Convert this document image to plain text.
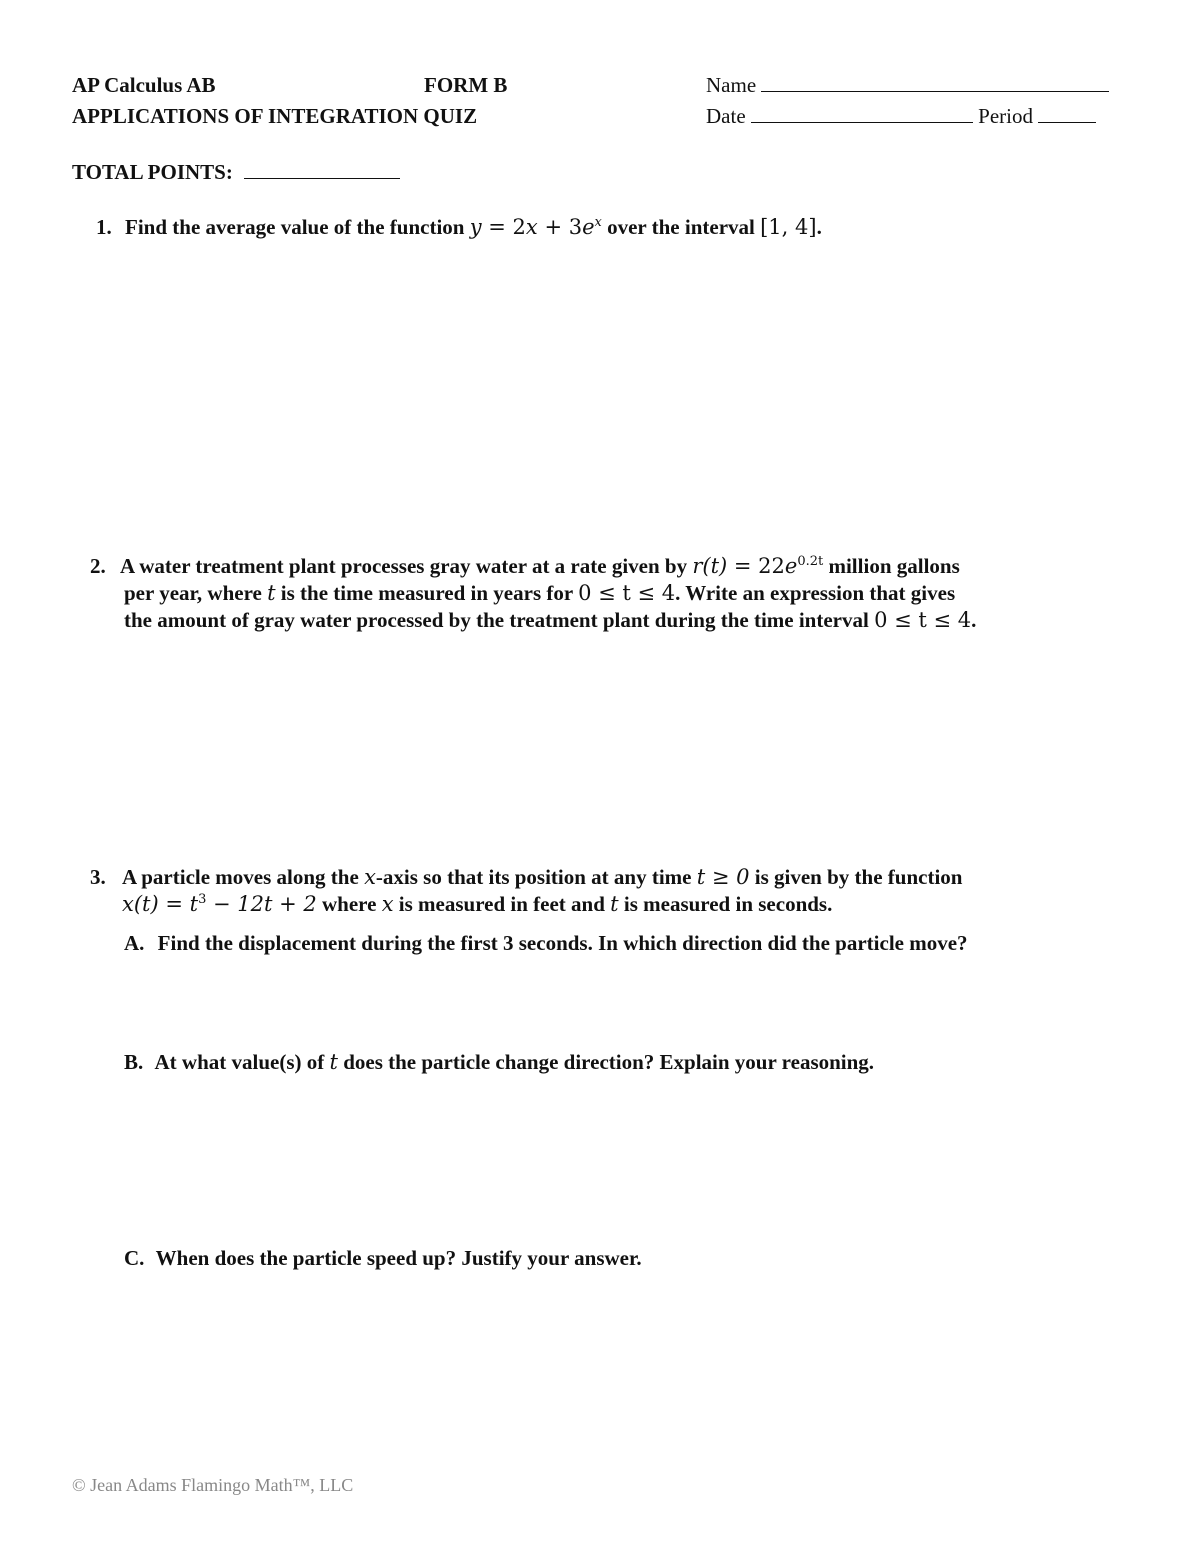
AP Calculus AB	FORM B
APPLICATIONS OF INTEGRATION QUIZ
Name
Date	Period
TOTAL POINTS:
1. Find the average value of the function $y = 2x + 3e^x$ over the interval [1, 4].
2. A water treatment plant processes gray water at a rate given by $r(t) = 22e^{0.2t}$ million gallons
per year, where t is the time measured in years for 0 ≤ t ≤ 4. Write an expression that gives
the amount of gray water processed by the treatment plant during the time interval 0 ≤ t ≤ 4.
3. A particle moves along the x-axis so that its position at any time t ≥ 0 is given by the function
$x(t) = t^3 - 12t + 2$ where x is measured in feet and t is measured in seconds.
A. Find the displacement during the first 3 seconds. In which direction did the particle move?
B. At what value(s) of t does the particle change direction? Explain your reasoning.
C. When does the particle speed up? Justify your answer.
© Jean Adams Flamingo Math™, LLC
